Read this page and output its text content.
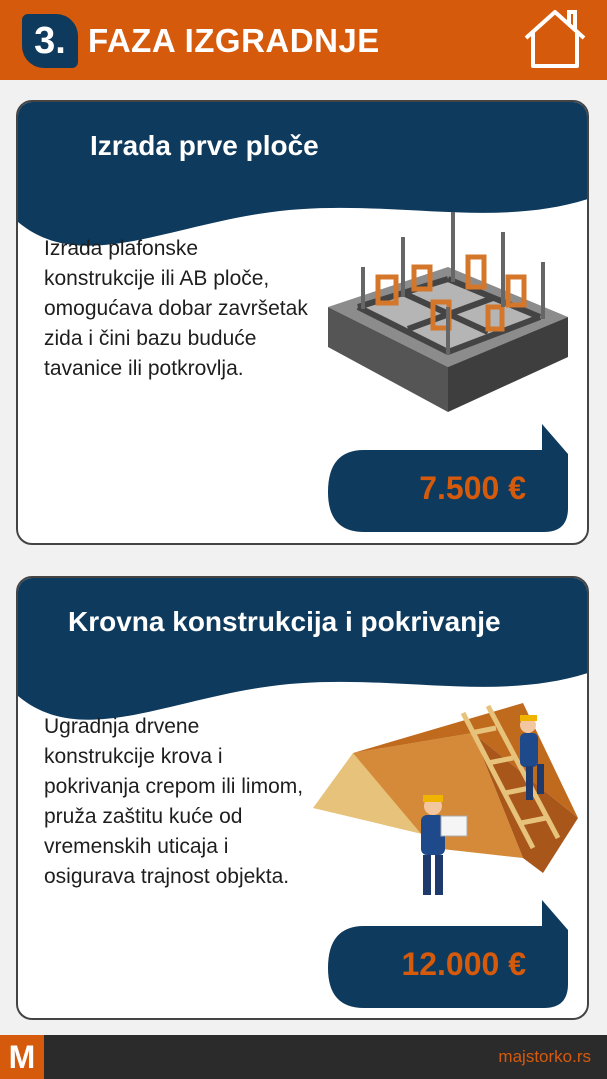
3. FAZA IZGRADNJE
Izrada prve ploče
Izrada plafonske konstrukcije ili AB ploče, omogućava dobar završetak zida i čini bazu buduće tavanice ili potkrovlja.
7.500 €
Krovna konstrukcija i pokrivanje
Ugradnja drvene konstrukcije krova i pokrivanja crepom ili limom, pruža zaštitu kuće od vremenskih uticaja i osigurava trajnost objekta.
12.000 €
M	majstorko.rs
